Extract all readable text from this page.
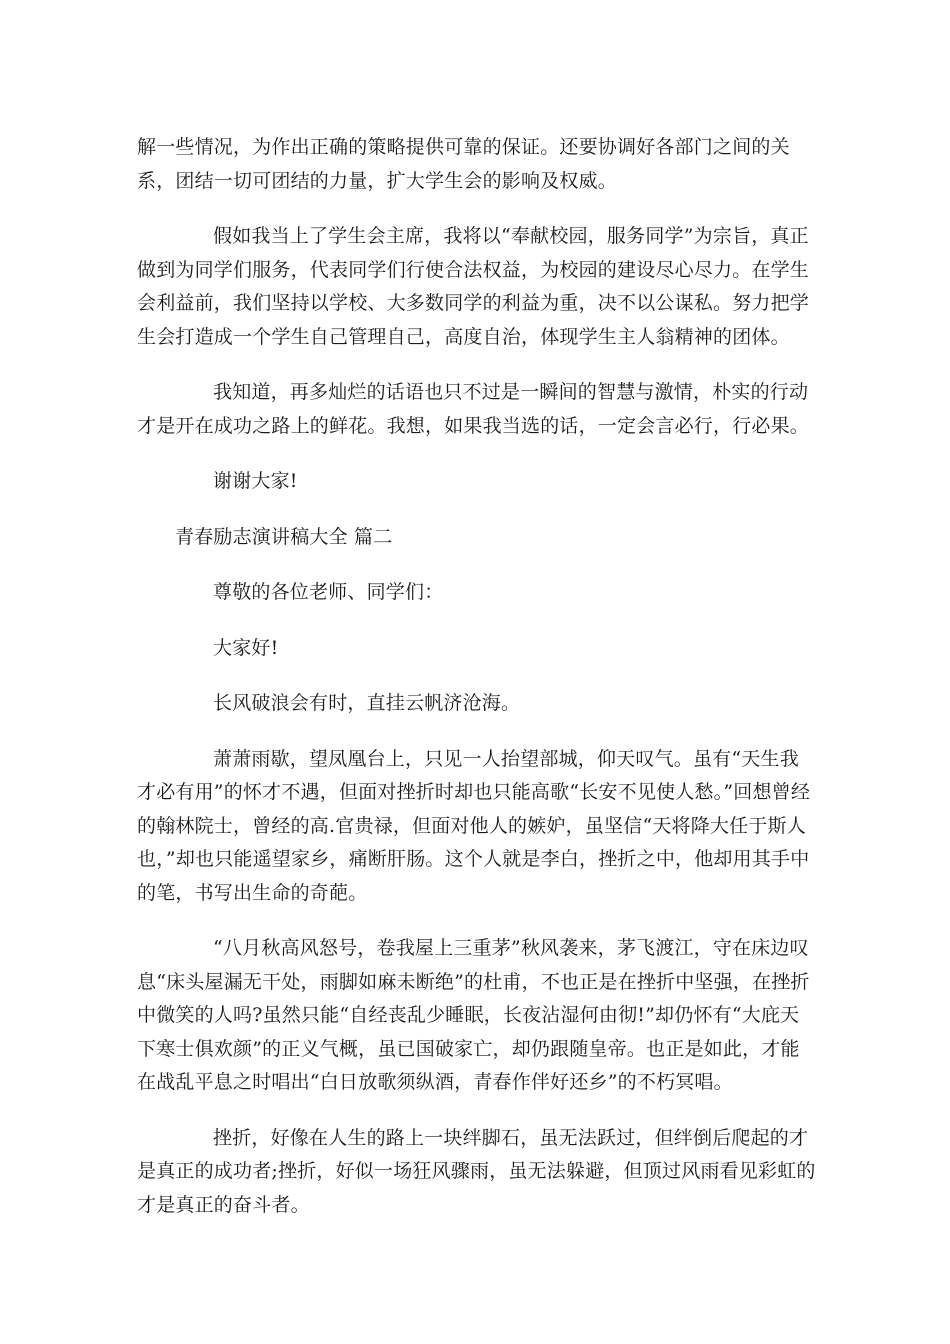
解一些情况，为作出正确的策略提供可靠的保证。还要协调好各部门之间的关系，团结一切可团结的力量，扩大学生会的影响及权威。

假如我当上了学生会主席，我将以“奉献校园，服务同学”为宗旨，真正做到为同学们服务，代表同学们行使合法权益，为校园的建设尽心尽力。在学生会利益前，我们坚持以学校、大多数同学的利益为重，决不以公谋私。努力把学生会打造成一个学生自己管理自己，高度自治，体现学生主人翁精神的团体。

我知道，再多灿烂的话语也只不过是一瞬间的智慧与激情，朴实的行动才是开在成功之路上的鲜花。我想，如果我当选的话，一定会言必行，行必果。

谢谢大家!

青春励志演讲稿大全 篇二

尊敬的各位老师、同学们：

大家好!

长风破浪会有时，直挂云帆济沧海。

萧萧雨歇，望凤凰台上，只见一人抬望部城，仰天叹气。虽有“天生我才必有用”的怀才不遇，但面对挫折时却也只能高歌“长安不见使人愁。”回想曾经的翰林院士，曾经的高.官贵禄，但面对他人的嫉妒，虽坚信“天将降大任于斯人也，”却也只能遥望家乡，痛断肝肠。这个人就是李白，挫折之中，他却用其手中的笔，书写出生命的奇葩。

“八月秋高风怒号，卷我屋上三重茅”秋风袭来，茅飞渡江，守在床边叹息“床头屋漏无干处，雨脚如麻未断绝”的杜甫，不也正是在挫折中坚强，在挫折中微笑的人吗?虽然只能“自经丧乱少睡眠，长夜沾湿何由彻!”却仍怀有“大庇天下寒士俱欢颜”的正义气概，虽已国破家亡，却仍跟随皇帝。也正是如此，才能在战乱平息之时唱出“白日放歌须纵酒，青春作伴好还乡”的不朽冥唱。

挫折，好像在人生的路上一块绊脚石，虽无法跃过，但绊倒后爬起的才是真正的成功者;挫折，好似一场狂风骤雨，虽无法躲避，但顶过风雨看见彩虹的才是真正的奋斗者。
